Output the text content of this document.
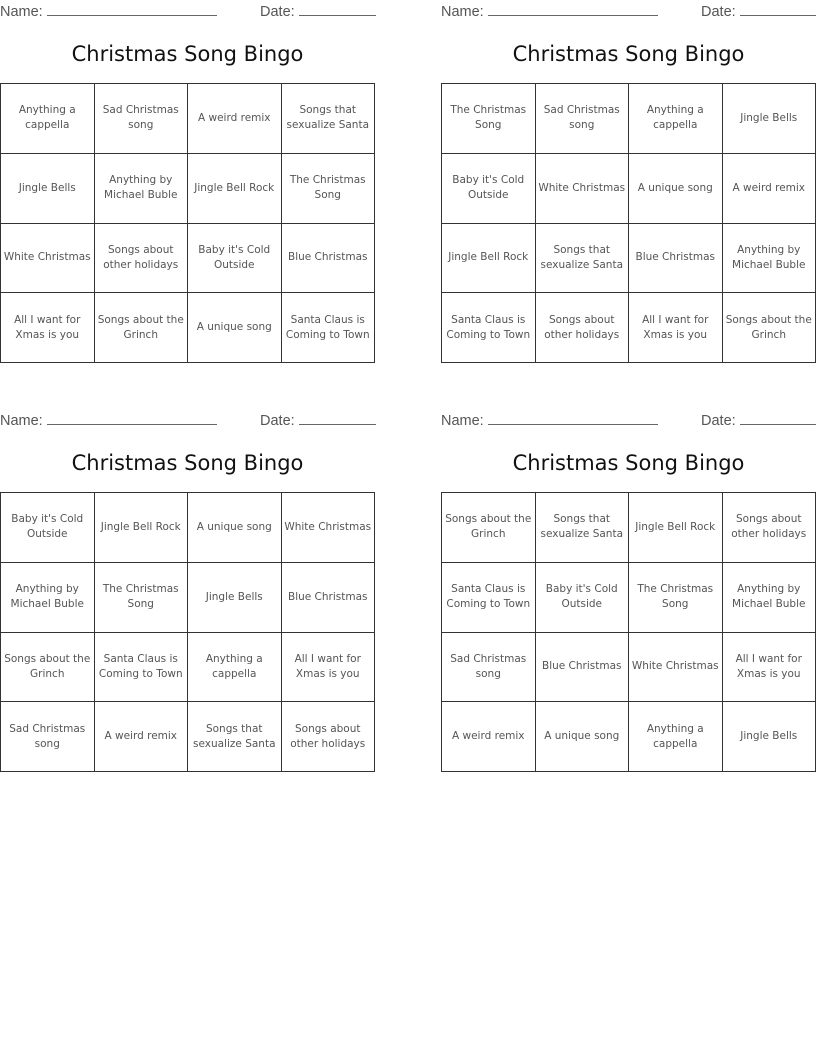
Name:	Date:
Christmas Song Bingo
Anything a cappella	Sad Christmas song	A weird remix	Songs that sexualize Santa
Jingle Bells	Anything by Michael Buble	Jingle Bell Rock	The Christmas Song
White Christmas	Songs about other holidays	Baby it's Cold Outside	Blue Christmas
All I want for Xmas is you	Songs about the Grinch	A unique song	Santa Claus is Coming to Town
Name:	Date:
Christmas Song Bingo
The Christmas Song	Sad Christmas song	Anything a cappella	Jingle Bells
Baby it's Cold Outside	White Christmas	A unique song	A weird remix
Jingle Bell Rock	Songs that sexualize Santa	Blue Christmas	Anything by Michael Buble
Santa Claus is Coming to Town	Songs about other holidays	All I want for Xmas is you	Songs about the Grinch
Name:	Date:
Christmas Song Bingo
Baby it's Cold Outside	Jingle Bell Rock	A unique song	White Christmas
Anything by Michael Buble	The Christmas Song	Jingle Bells	Blue Christmas
Songs about the Grinch	Santa Claus is Coming to Town	Anything a cappella	All I want for Xmas is you
Sad Christmas song	A weird remix	Songs that sexualize Santa	Songs about other holidays
Name:	Date:
Christmas Song Bingo
Songs about the Grinch	Songs that sexualize Santa	Jingle Bell Rock	Songs about other holidays
Santa Claus is Coming to Town	Baby it's Cold Outside	The Christmas Song	Anything by Michael Buble
Sad Christmas song	Blue Christmas	White Christmas	All I want for Xmas is you
A weird remix	A unique song	Anything a cappella	Jingle Bells
